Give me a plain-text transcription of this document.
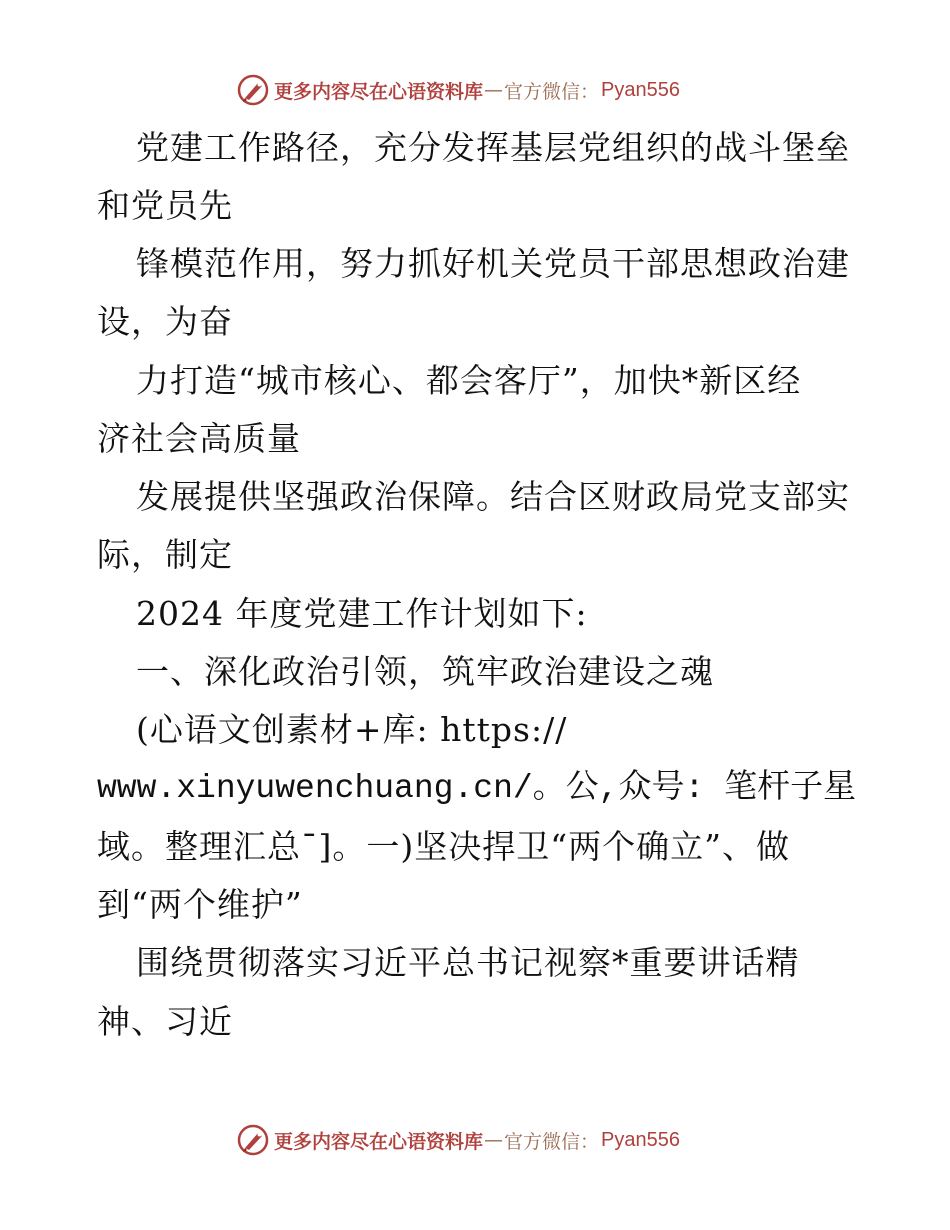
更多内容尽在心语资料库 — 官方微信： Pyan556
党建工作路径，充分发挥基层党组织的战斗堡垒
和党员先
锋模范作用，努力抓好机关党员干部思想政治建
设，为奋
力打造“城市核心、都会客厅”，加快*新区经
济社会高质量
发展提供坚强政治保障。结合区财政局党支部实
际，制定
2024 年度党建工作计划如下:
一、深化政治引领，筑牢政治建设之魂
(心语文创素材+库: https://
www.xinyuwenchuang.cn/。公,众号: 笔杆子星
域。整理汇总¯]。一)坚决捍卫“两个确立”、做
到“两个维护”
围绕贯彻落实习近平总书记视察*重要讲话精
神、习近
更多内容尽在心语资料库 — 官方微信： Pyan556
